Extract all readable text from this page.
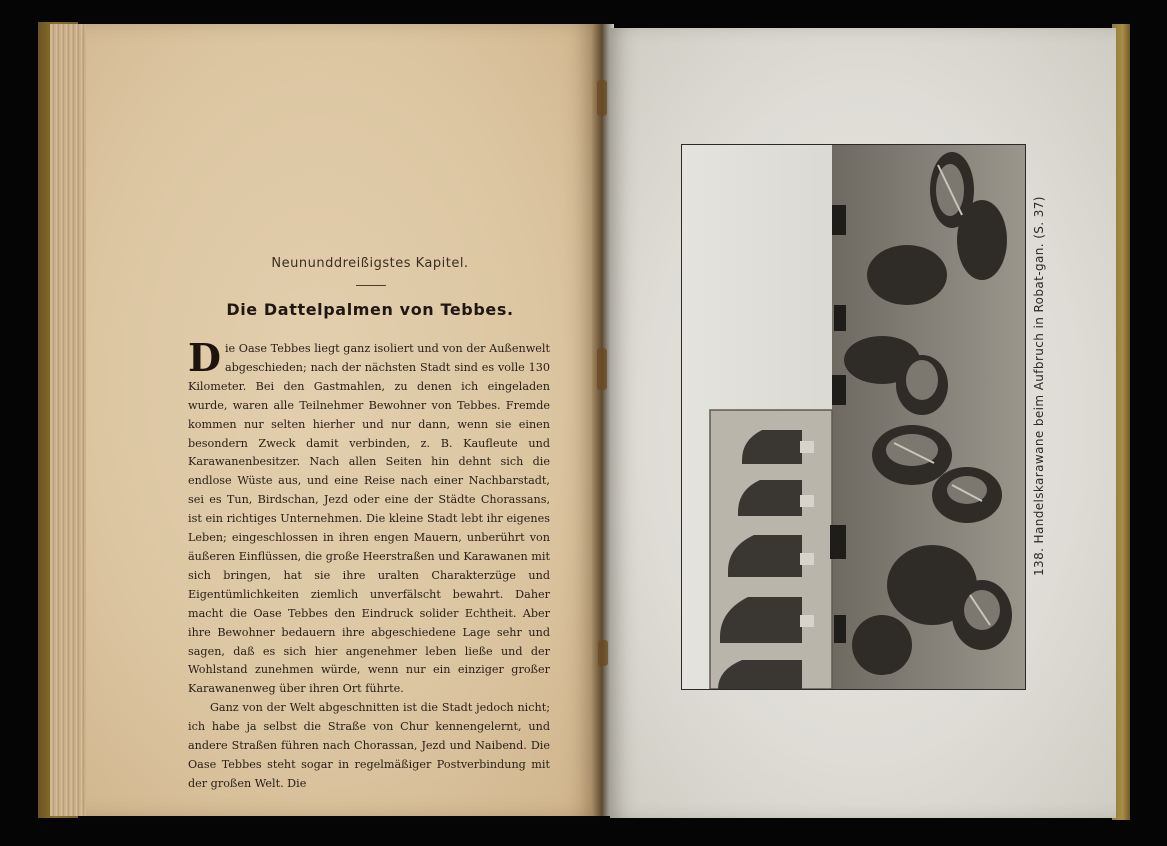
Neununddreißigstes Kapitel.
Die Dattelpalmen von Tebbes.

D ie Oase Tebbes liegt ganz isoliert und von der Außenwelt abgeschieden; nach der nächsten Stadt sind es volle 130 Kilometer. Bei den Gastmahlen, zu denen ich eingeladen wurde, waren alle Teilnehmer Bewohner von Tebbes. Fremde kommen nur selten hierher und nur dann, wenn sie einen besondern Zweck damit verbinden, z. B. Kaufleute und Karawanenbesitzer. Nach allen Seiten hin dehnt sich die endlose Wüste aus, und eine Reise nach einer Nachbarstadt, sei es Tun, Birdschan, Jezd oder eine der Städte Chorassans, ist ein richtiges Unternehmen. Die kleine Stadt lebt ihr eigenes Leben; eingeschlossen in ihren engen Mauern, unberührt von äußeren Einflüssen, die große Heerstraßen und Karawanen mit sich bringen, hat sie ihre uralten Charakterzüge und Eigentümlichkeiten ziemlich unverfälscht bewahrt. Daher macht die Oase Tebbes den Eindruck solider Echtheit. Aber ihre Bewohner bedauern ihre abgeschiedene Lage sehr und sagen, daß es sich hier angenehmer leben ließe und der Wohlstand zunehmen würde, wenn nur ein einziger großer Karawanenweg über ihren Ort führte.

Ganz von der Welt abgeschnitten ist die Stadt jedoch nicht; ich habe ja selbst die Straße von Chur kennengelernt, und andere Straßen führen nach Chorassan, Jezd und Naibend. Die Oase Tebbes steht sogar in regelmäßiger Postverbindung mit der großen Welt. Die

138. Handelskarawane beim Aufbruch in Robat-gan. (S. 37)
